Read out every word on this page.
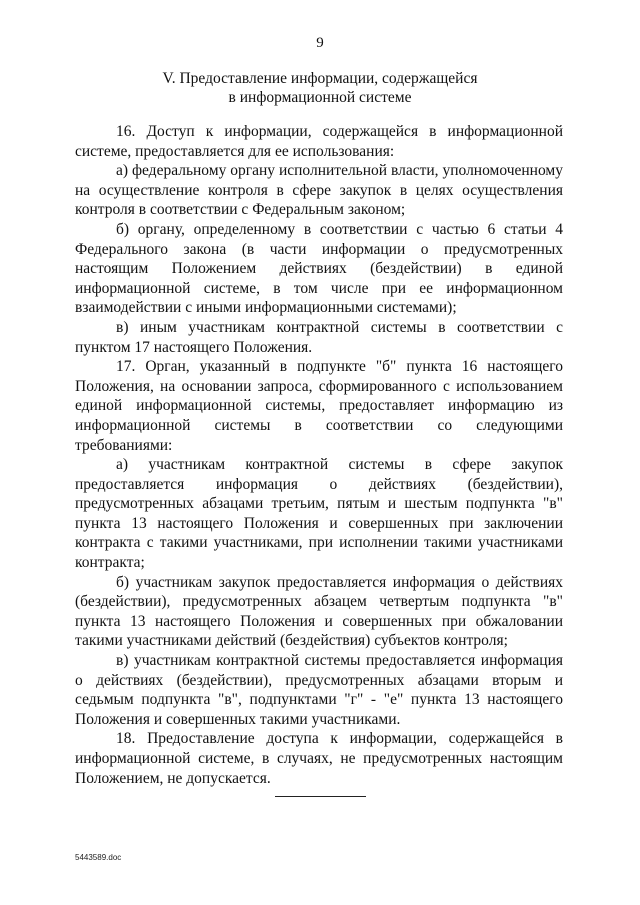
9
V. Предоставление информации, содержащейся
в информационной системе

16. Доступ к информации, содержащейся в информационной системе, предоставляется для ее использования:

а) федеральному органу исполнительной власти, уполномоченному на осуществление контроля в сфере закупок в целях осуществления контроля в соответствии с Федеральным законом;

б) органу, определенному в соответствии с частью 6 статьи 4 Федерального закона (в части информации о предусмотренных настоящим Положением действиях (бездействии) в единой информационной системе, в том числе при ее информационном взаимодействии с иными информационными системами);

в) иным участникам контрактной системы в соответствии с пунктом 17 настоящего Положения.

17. Орган, указанный в подпункте "б" пункта 16 настоящего Положения, на основании запроса, сформированного с использованием единой информационной системы, предоставляет информацию из информационной системы в соответствии со следующими требованиями:

а) участникам контрактной системы в сфере закупок предоставляется информация о действиях (бездействии), предусмотренных абзацами третьим, пятым и шестым подпункта "в" пункта 13 настоящего Положения и совершенных при заключении контракта с такими участниками, при исполнении такими участниками контракта;

б) участникам закупок предоставляется информация о действиях (бездействии), предусмотренных абзацем четвертым подпункта "в" пункта 13 настоящего Положения и совершенных при обжаловании такими участниками действий (бездействия) субъектов контроля;

в) участникам контрактной системы предоставляется информация о действиях (бездействии), предусмотренных абзацами вторым и седьмым подпункта "в", подпунктами "г" - "е" пункта 13 настоящего Положения и совершенных такими участниками.

18. Предоставление доступа к информации, содержащейся в информационной системе, в случаях, не предусмотренных настоящим Положением, не допускается.

5443589.doc
